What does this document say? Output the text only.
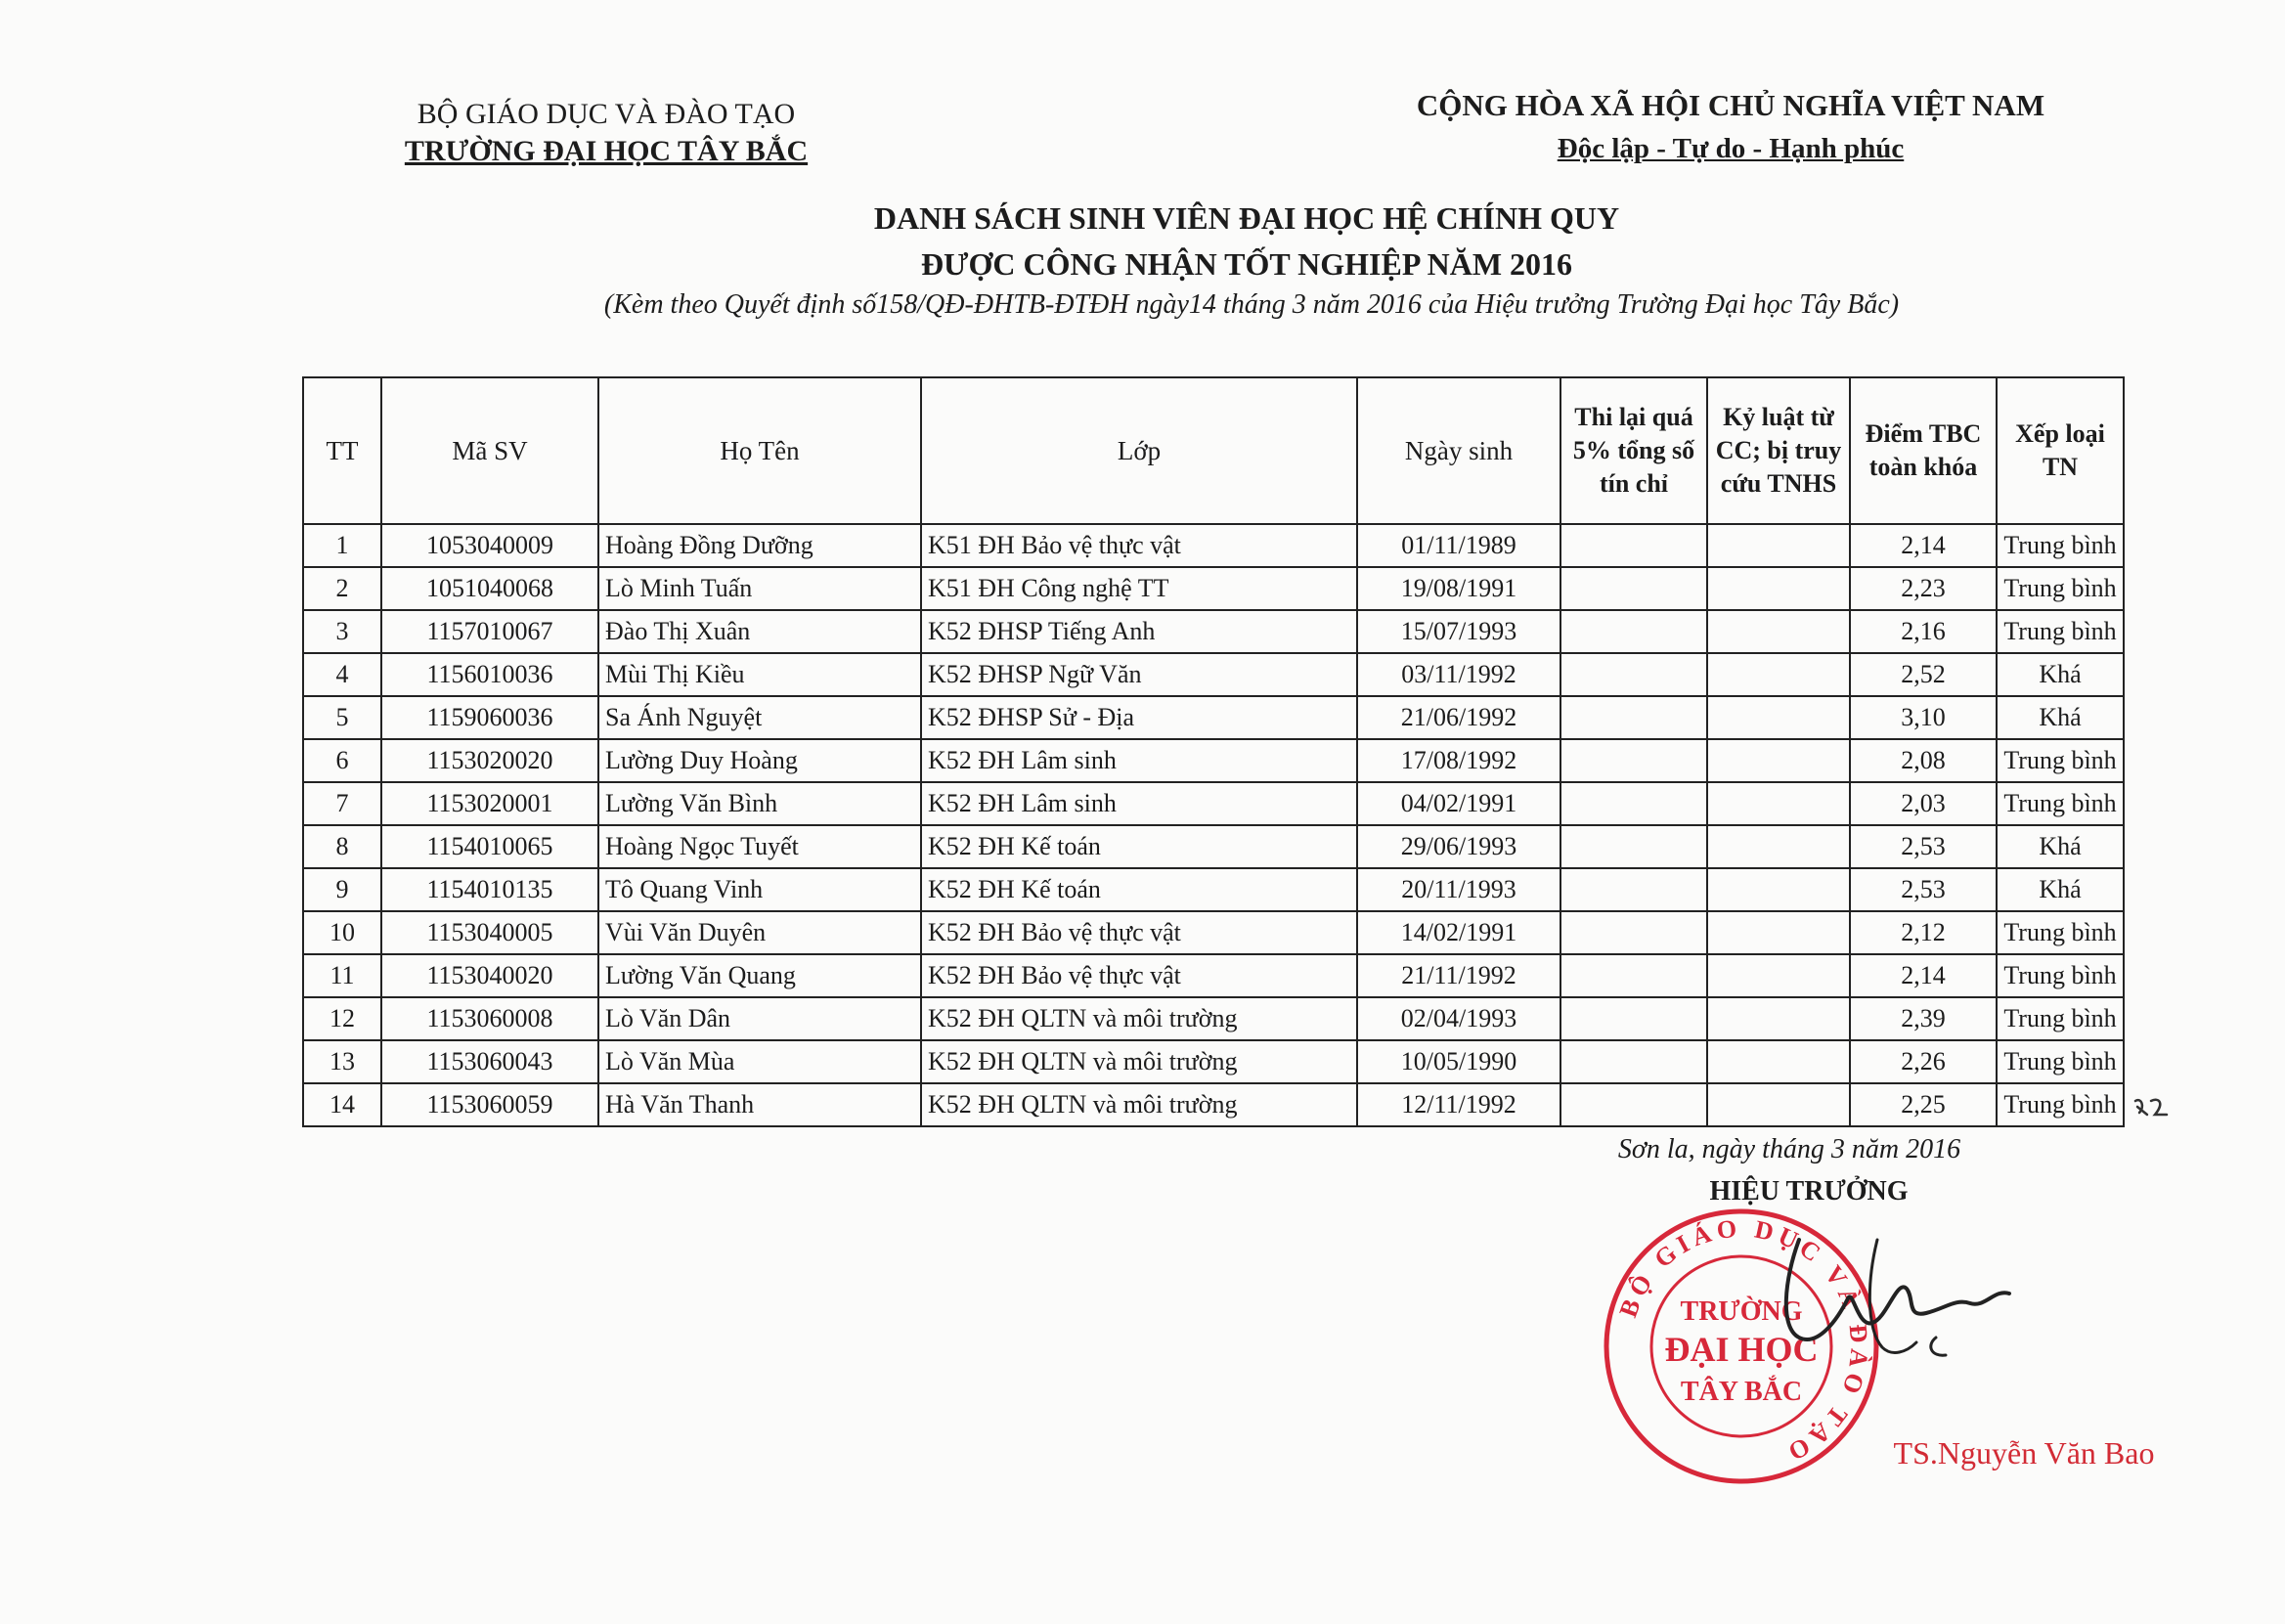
BỘ GIÁO DỤC VÀ ĐÀO TẠO
TRƯỜNG ĐẠI HỌC TÂY BẮC
CỘNG HÒA XÃ HỘI CHỦ NGHĨA VIỆT NAM
Độc lập - Tự do - Hạnh phúc
DANH SÁCH SINH VIÊN ĐẠI HỌC HỆ CHÍNH QUY
ĐƯỢC CÔNG NHẬN TỐT NGHIỆP NĂM 2016
(Kèm theo Quyết định số158/QĐ-ĐHTB-ĐTĐH ngày14 tháng 3 năm 2016 của Hiệu trưởng Trường Đại học Tây Bắc)
TT	Mã SV	Họ Tên	Lớp	Ngày sinh	Thi lại quá 5% tổng số tín chỉ	Kỷ luật từ CC; bị truy cứu TNHS	Điểm TBC toàn khóa	Xếp loại TN
1	1053040009	Hoàng Đồng Dưỡng	K51 ĐH Bảo vệ thực vật	01/11/1989			2,14	Trung bình
2	1051040068	Lò Minh Tuấn	K51 ĐH Công nghệ TT	19/08/1991			2,23	Trung bình
3	1157010067	Đào Thị Xuân	K52 ĐHSP Tiếng Anh	15/07/1993			2,16	Trung bình
4	1156010036	Mùi Thị Kiều	K52 ĐHSP Ngữ Văn	03/11/1992			2,52	Khá
5	1159060036	Sa Ánh Nguyệt	K52 ĐHSP Sử - Địa	21/06/1992			3,10	Khá
6	1153020020	Lường Duy Hoàng	K52 ĐH Lâm sinh	17/08/1992			2,08	Trung bình
7	1153020001	Lường Văn Bình	K52 ĐH Lâm sinh	04/02/1991			2,03	Trung bình
8	1154010065	Hoàng Ngọc Tuyết	K52 ĐH Kế toán	29/06/1993			2,53	Khá
9	1154010135	Tô Quang Vinh	K52 ĐH Kế toán	20/11/1993			2,53	Khá
10	1153040005	Vùi Văn Duyên	K52 ĐH Bảo vệ thực vật	14/02/1991			2,12	Trung bình
11	1153040020	Lường Văn Quang	K52 ĐH Bảo vệ thực vật	21/11/1992			2,14	Trung bình
12	1153060008	Lò Văn Dân	K52 ĐH QLTN và môi trường	02/04/1993			2,39	Trung bình
13	1153060043	Lò Văn Mùa	K52 ĐH QLTN và môi trường	10/05/1990			2,26	Trung bình
14	1153060059	Hà Văn Thanh	K52 ĐH QLTN và môi trường	12/11/1992			2,25	Trung bình
Sơn la, ngày tháng 3 năm 2016
HIỆU TRƯỞNG
BỘ GIÁO DỤC VÀ ĐÀO TẠO
TRƯỜNG
ĐẠI HỌC
TÂY BẮC
TS.Nguyễn Văn Bao
